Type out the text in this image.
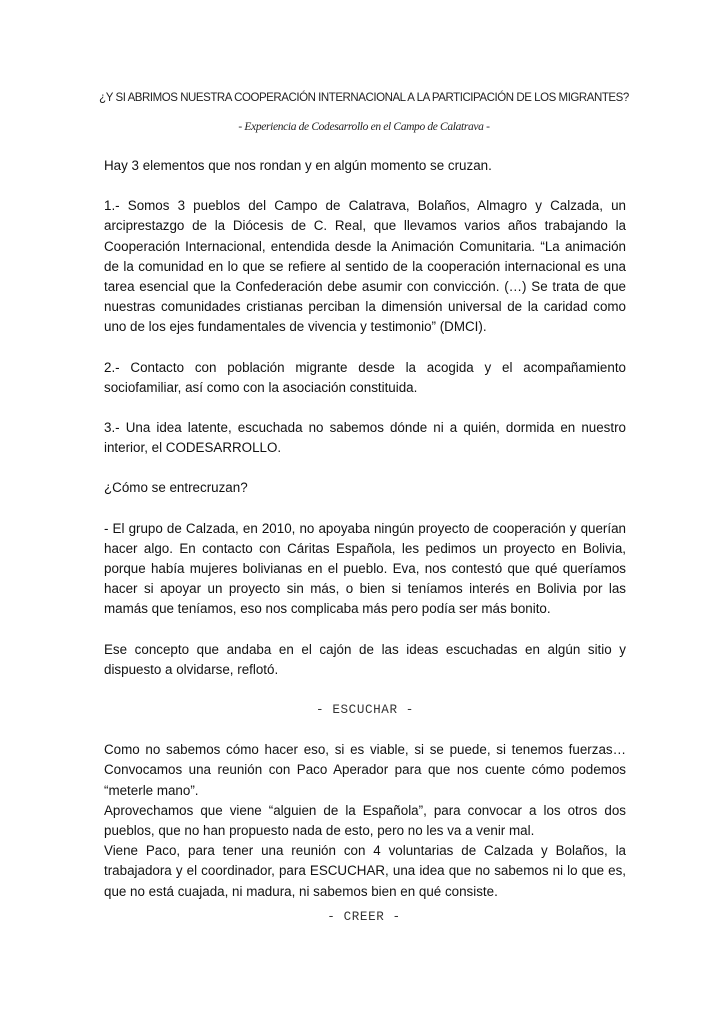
¿Y SI ABRIMOS NUESTRA COOPERACIÓN INTERNACIONAL A LA PARTICIPACIÓN DE LOS MIGRANTES?
- Experiencia de Codesarrollo en el Campo de Calatrava -

Hay 3 elementos que nos rondan y en algún momento se cruzan.

1.- Somos 3 pueblos del Campo de Calatrava, Bolaños, Almagro y Calzada, un arciprestazgo de la Diócesis de C. Real, que llevamos varios años trabajando la Cooperación Internacional, entendida desde la Animación Comunitaria. “La animación de la comunidad en lo que se refiere al sentido de la cooperación internacional es una tarea esencial que la Confederación debe asumir con convicción. (…) Se trata de que nuestras comunidades cristianas perciban la dimensión universal de la caridad como uno de los ejes fundamentales de vivencia y testimonio” (DMCI).

2.- Contacto con población migrante desde la acogida y el acompañamiento sociofamiliar, así como con la asociación constituida.

3.- Una idea latente, escuchada no sabemos dónde ni a quién, dormida en nuestro interior, el CODESARROLLO.

¿Cómo se entrecruzan?

- El grupo de Calzada, en 2010, no apoyaba ningún proyecto de cooperación y querían hacer algo. En contacto con Cáritas Española, les pedimos un proyecto en Bolivia, porque había mujeres bolivianas en el pueblo. Eva, nos contestó que qué queríamos hacer si apoyar un proyecto sin más, o bien si teníamos interés en Bolivia por las mamás que teníamos, eso nos complicaba más pero podía ser más bonito.

Ese concepto que andaba en el cajón de las ideas escuchadas en algún sitio y dispuesto a olvidarse, reflotó.

- ESCUCHAR -

Como no sabemos cómo hacer eso, si es viable, si se puede, si tenemos fuerzas… Convocamos una reunión con Paco Aperador para que nos cuente cómo podemos “meterle mano”.

Aprovechamos que viene “alguien de la Española”, para convocar a los otros dos pueblos, que no han propuesto nada de esto, pero no les va a venir mal.

Viene Paco, para tener una reunión con 4 voluntarias de Calzada y Bolaños, la trabajadora y el coordinador, para ESCUCHAR, una idea que no sabemos ni lo que es, que no está cuajada, ni madura, ni sabemos bien en qué consiste.

- CREER -
